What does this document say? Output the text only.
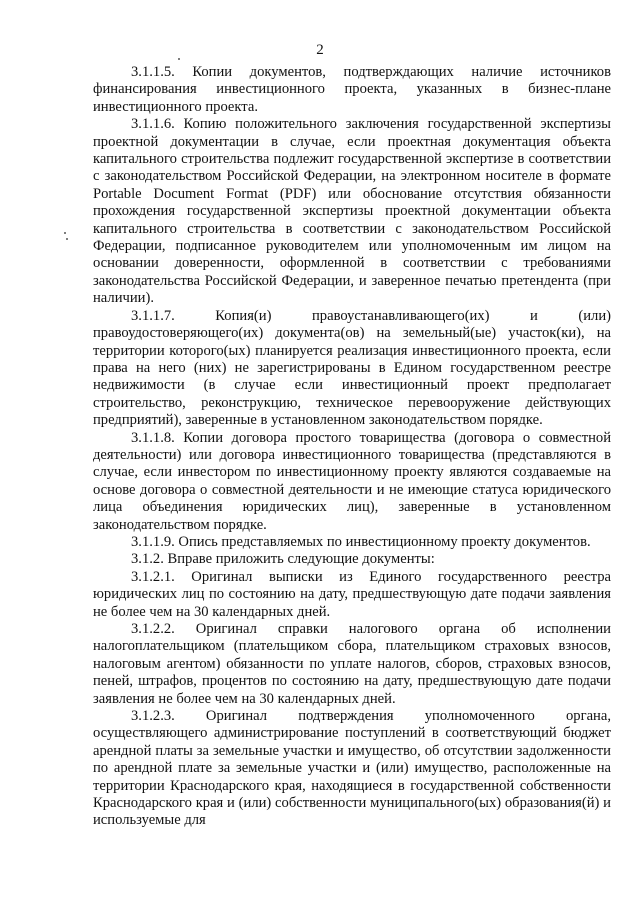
2

3.1.1.5. Копии документов, подтверждающих наличие источников финансирования инвестиционного проекта, указанных в бизнес-плане инвестиционного проекта.

3.1.1.6. Копию положительного заключения государственной экспертизы проектной документации в случае, если проектная документация объекта капитального строительства подлежит государственной экспертизе в соответствии с законодательством Российской Федерации, на электронном носителе в формате Portable Document Format (PDF) или обоснование отсутствия обязанности прохождения государственной экспертизы проектной документации объекта капитального строительства в соответствии с законодательством Российской Федерации, подписанное руководителем или уполномоченным им лицом на основании доверенности, оформленной в соответствии с требованиями законодательства Российской Федерации, и заверенное печатью претендента (при наличии).

3.1.1.7. Копия(и) правоустанавливающего(их) и (или) правоудостоверяющего(их) документа(ов) на земельный(ые) участок(ки), на территории которого(ых) планируется реализация инвестиционного проекта, если права на него (них) не зарегистрированы в Едином государственном реестре недвижимости (в случае если инвестиционный проект предполагает строительство, реконструкцию, техническое перевооружение действующих предприятий), заверенные в установленном законодательством порядке.

3.1.1.8. Копии договора простого товарищества (договора о совместной деятельности) или договора инвестиционного товарищества (представляются в случае, если инвестором по инвестиционному проекту являются создаваемые на основе договора о совместной деятельности и не имеющие статуса юридического лица объединения юридических лиц), заверенные в установленном законодательством порядке.

3.1.1.9. Опись представляемых по инвестиционному проекту документов.

3.1.2. Вправе приложить следующие документы:

3.1.2.1. Оригинал выписки из Единого государственного реестра юридических лиц по состоянию на дату, предшествующую дате подачи заявления не более чем на 30 календарных дней.

3.1.2.2. Оригинал справки налогового органа об исполнении налогоплательщиком (плательщиком сбора, плательщиком страховых взносов, налоговым агентом) обязанности по уплате налогов, сборов, страховых взносов, пеней, штрафов, процентов по состоянию на дату, предшествующую дате подачи заявления не более чем на 30 календарных дней.

3.1.2.3. Оригинал подтверждения уполномоченного органа, осуществляющего администрирование поступлений в соответствующий бюджет арендной платы за земельные участки и имущество, об отсутствии задолженности по арендной плате за земельные участки и (или) имущество, расположенные на территории Краснодарского края, находящиеся в государственной собственности Краснодарского края и (или) собственности муниципального(ых) образования(й) и используемые для
